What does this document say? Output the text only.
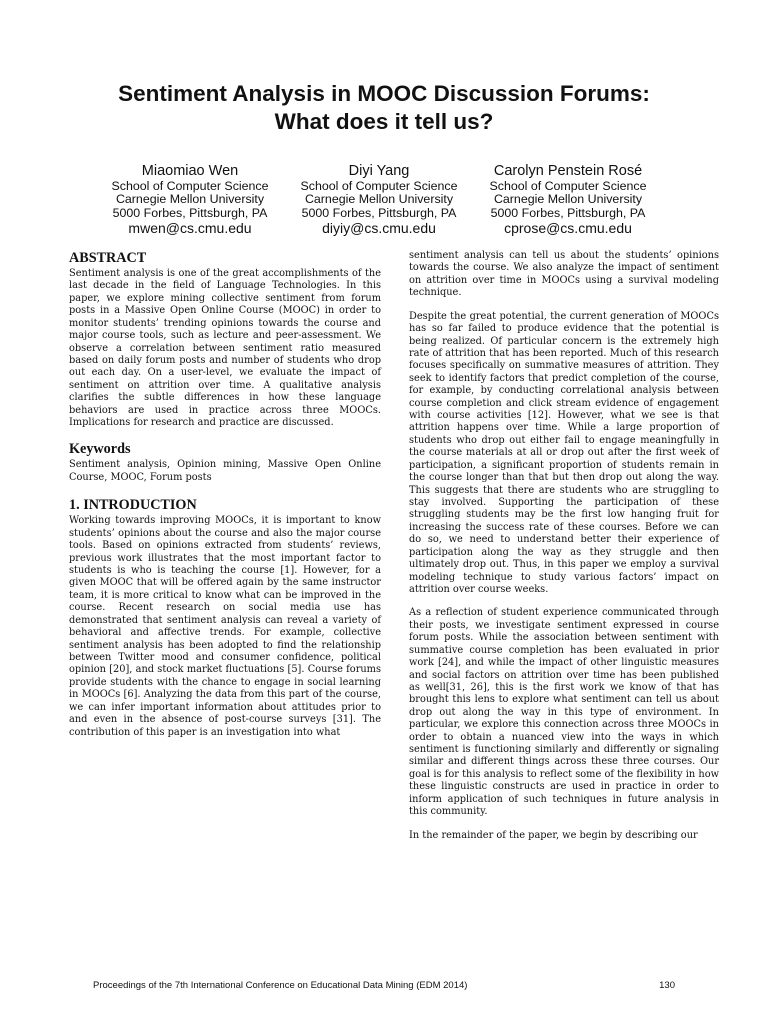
Sentiment Analysis in MOOC Discussion Forums:
What does it tell us?
Miaomiao Wen
School of Computer Science
Carnegie Mellon University
5000 Forbes, Pittsburgh, PA
mwen@cs.cmu.edu
Diyi Yang
School of Computer Science
Carnegie Mellon University
5000 Forbes, Pittsburgh, PA
diyiy@cs.cmu.edu
Carolyn Penstein Rosé
School of Computer Science
Carnegie Mellon University
5000 Forbes, Pittsburgh, PA
cprose@cs.cmu.edu
ABSTRACT

Sentiment analysis is one of the great accomplishments of the last decade in the field of Language Technologies. In this paper, we explore mining collective sentiment from forum posts in a Massive Open Online Course (MOOC) in order to monitor students’ trending opinions towards the course and major course tools, such as lecture and peer-assessment. We observe a correlation between sentiment ratio measured based on daily forum posts and number of students who drop out each day. On a user-level, we evaluate the impact of sentiment on attrition over time. A qualitative analysis clarifies the subtle differences in how these language behaviors are used in practice across three MOOCs. Implications for research and practice are discussed.

Keywords

Sentiment analysis, Opinion mining, Massive Open Online Course, MOOC, Forum posts

1. INTRODUCTION

Working towards improving MOOCs, it is important to know students’ opinions about the course and also the major course tools. Based on opinions extracted from students’ reviews, previous work illustrates that the most important factor to students is who is teaching the course [1]. However, for a given MOOC that will be offered again by the same instructor team, it is more critical to know what can be improved in the course. Recent research on social media use has demonstrated that sentiment analysis can reveal a variety of behavioral and affective trends. For example, collective sentiment analysis has been adopted to find the relationship between Twitter mood and consumer confidence, political opinion [20], and stock market fluctuations [5]. Course forums provide students with the chance to engage in social learning in MOOCs [6]. Analyzing the data from this part of the course, we can infer important information about attitudes prior to and even in the absence of post-course surveys [31]. The contribution of this paper is an investigation into what

sentiment analysis can tell us about the students’ opinions towards the course. We also analyze the impact of sentiment on attrition over time in MOOCs using a survival modeling technique.

Despite the great potential, the current generation of MOOCs has so far failed to produce evidence that the potential is being realized. Of particular concern is the extremely high rate of attrition that has been reported. Much of this research focuses specifically on summative measures of attrition. They seek to identify factors that predict completion of the course, for example, by conducting correlational analysis between course completion and click stream evidence of engagement with course activities [12]. However, what we see is that attrition happens over time. While a large proportion of students who drop out either fail to engage meaningfully in the course materials at all or drop out after the first week of participation, a significant proportion of students remain in the course longer than that but then drop out along the way. This suggests that there are students who are struggling to stay involved. Supporting the participation of these struggling students may be the first low hanging fruit for increasing the success rate of these courses. Before we can do so, we need to understand better their experience of participation along the way as they struggle and then ultimately drop out. Thus, in this paper we employ a survival modeling technique to study various factors’ impact on attrition over course weeks.

As a reflection of student experience communicated through their posts, we investigate sentiment expressed in course forum posts. While the association between sentiment with summative course completion has been evaluated in prior work [24], and while the impact of other linguistic measures and social factors on attrition over time has been published as well[31, 26], this is the first work we know of that has brought this lens to explore what sentiment can tell us about drop out along the way in this type of environment. In particular, we explore this connection across three MOOCs in order to obtain a nuanced view into the ways in which sentiment is functioning similarly and differently or signaling similar and different things across these three courses. Our goal is for this analysis to reflect some of the flexibility in how these linguistic constructs are used in practice in order to inform application of such techniques in future analysis in this community.

In the remainder of the paper, we begin by describing our

Proceedings of the 7th International Conference on Educational Data Mining (EDM 2014)	130
